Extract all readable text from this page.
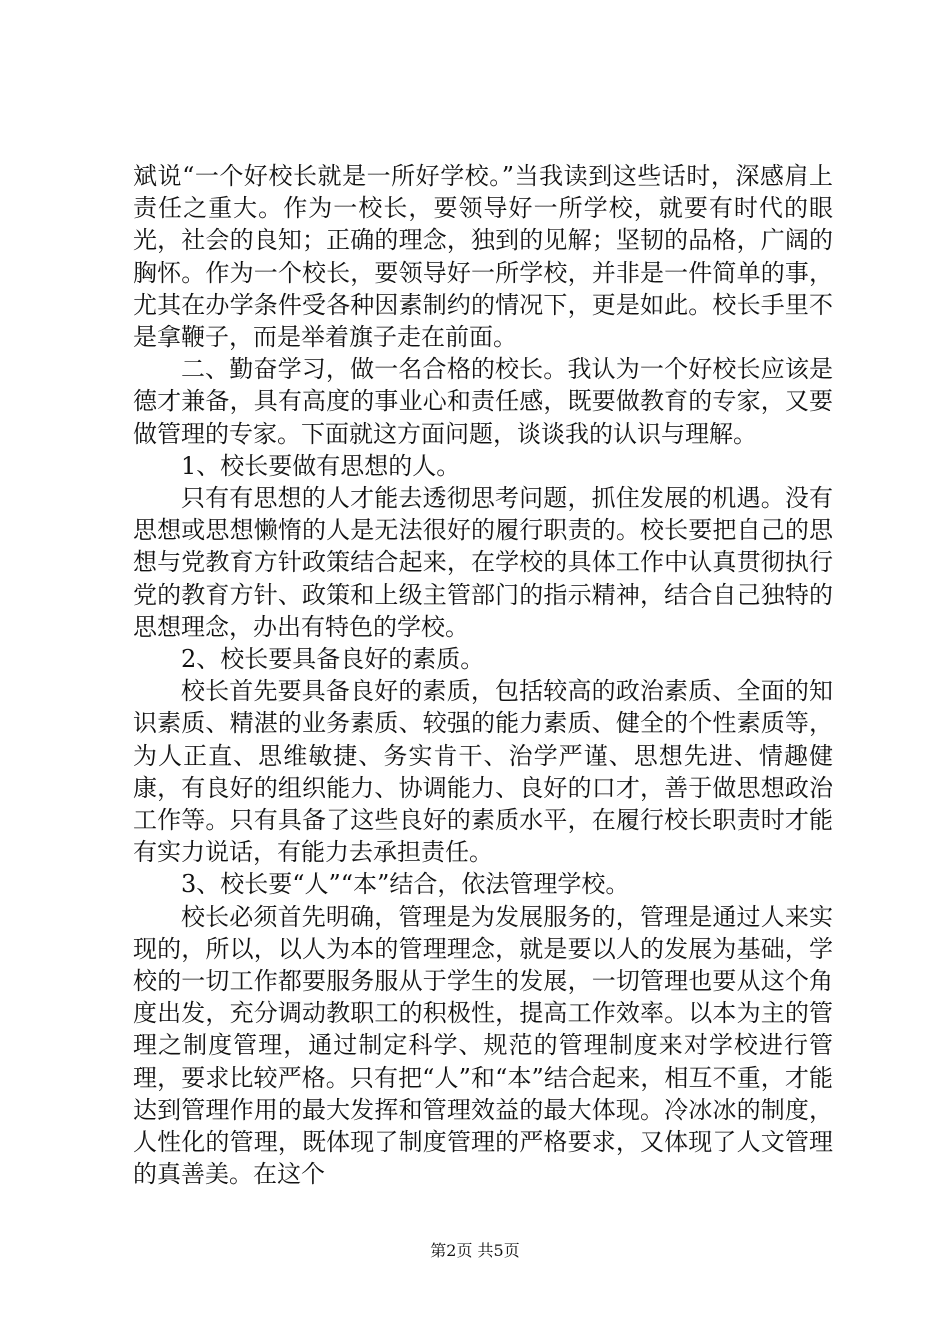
斌说“一个好校长就是一所好学校。”当我读到这些话时，深感肩上责任之重大。作为一校长，要领导好一所学校，就要有时代的眼光，社会的良知；正确的理念，独到的见解；坚韧的品格，广阔的胸怀。作为一个校长，要领导好一所学校，并非是一件简单的事，尤其在办学条件受各种因素制约的情况下，更是如此。校长手里不是拿鞭子，而是举着旗子走在前面。

二、勤奋学习，做一名合格的校长。我认为一个好校长应该是德才兼备，具有高度的事业心和责任感，既要做教育的专家，又要做管理的专家。下面就这方面问题，谈谈我的认识与理解。

1、校长要做有思想的人。

只有有思想的人才能去透彻思考问题，抓住发展的机遇。没有思想或思想懒惰的人是无法很好的履行职责的。校长要把自己的思想与党教育方针政策结合起来，在学校的具体工作中认真贯彻执行党的教育方针、政策和上级主管部门的指示精神，结合自己独特的思想理念，办出有特色的学校。

2、校长要具备良好的素质。

校长首先要具备良好的素质，包括较高的政治素质、全面的知识素质、精湛的业务素质、较强的能力素质、健全的个性素质等，为人正直、思维敏捷、务实肯干、治学严谨、思想先进、情趣健康，有良好的组织能力、协调能力、良好的口才，善于做思想政治工作等。只有具备了这些良好的素质水平，在履行校长职责时才能有实力说话，有能力去承担责任。

3、校长要“人”“本”结合，依法管理学校。

校长必须首先明确，管理是为发展服务的，管理是通过人来实现的，所以，以人为本的管理理念，就是要以人的发展为基础，学校的一切工作都要服务服从于学生的发展，一切管理也要从这个角度出发，充分调动教职工的积极性，提高工作效率。以本为主的管理之制度管理，通过制定科学、规范的管理制度来对学校进行管理，要求比较严格。只有把“人”和“本”结合起来，相互不重，才能达到管理作用的最大发挥和管理效益的最大体现。冷冰冰的制度，人性化的管理，既体现了制度管理的严格要求，又体现了人文管理的真善美。在这个

第2页 共5页
